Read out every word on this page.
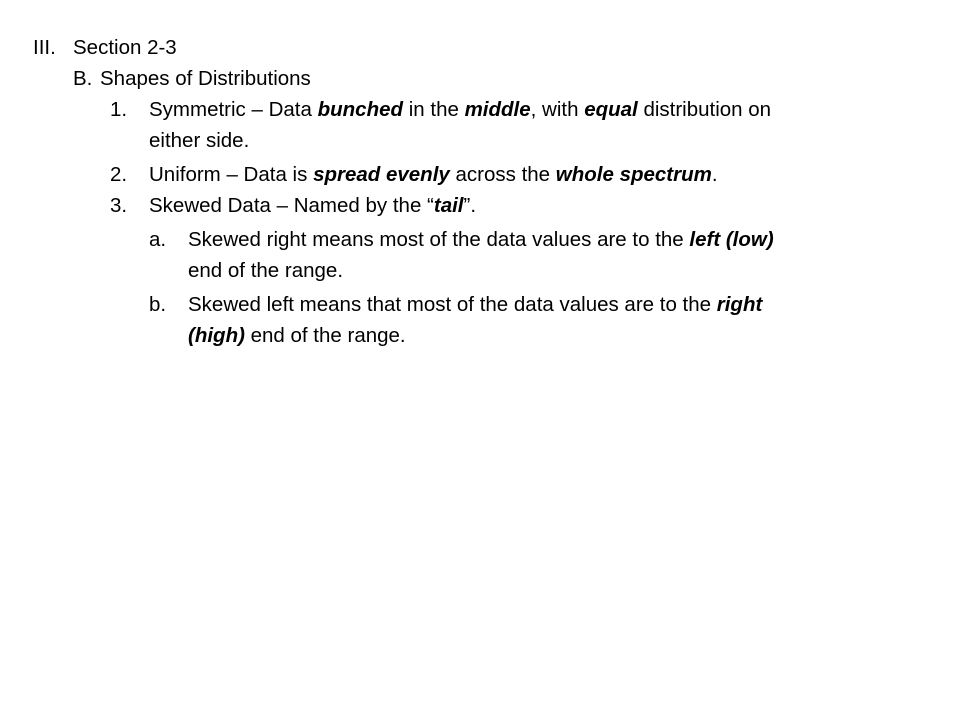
III. Section 2-3
B. Shapes of Distributions
1. Symmetric – Data bunched in the middle, with equal distribution on
either side.
2. Uniform – Data is spread evenly across the whole spectrum.
3. Skewed Data – Named by the “tail”.
a. Skewed right means most of the data values are to the left (low)
end of the range.
b. Skewed left means that most of the data values are to the right
(high) end of the range.
